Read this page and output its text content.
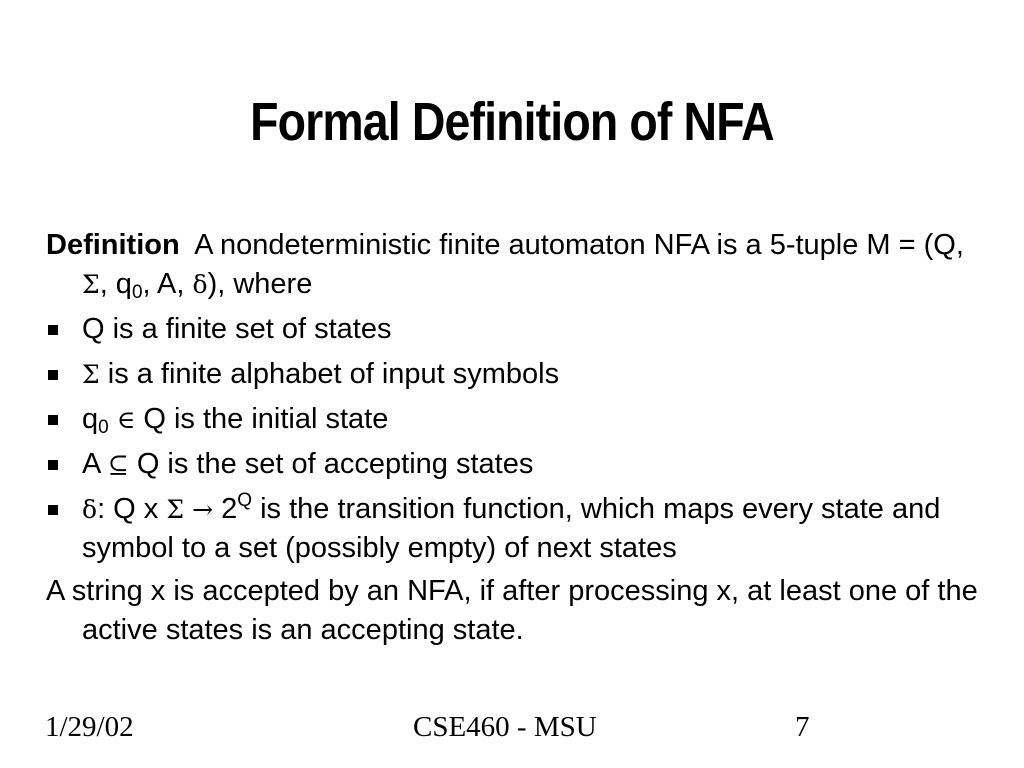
Formal Definition of NFA

Definition A nondeterministic finite automaton NFA is a 5-tuple M = (Q, Σ, $q_0$, A, δ), where

Q is a finite set of states
Σ is a finite alphabet of input symbols
$q_0$ ∈ Q is the initial state
A ⊆ Q is the set of accepting states
δ: Q x $\Sigma \to 2^Q$ is the transition function, which maps every state and symbol to a set (possibly empty) of next states

A string x is accepted by an NFA, if after processing x, at least one of the active states is an accepting state.

1/29/02	CSE460 - MSU	7
